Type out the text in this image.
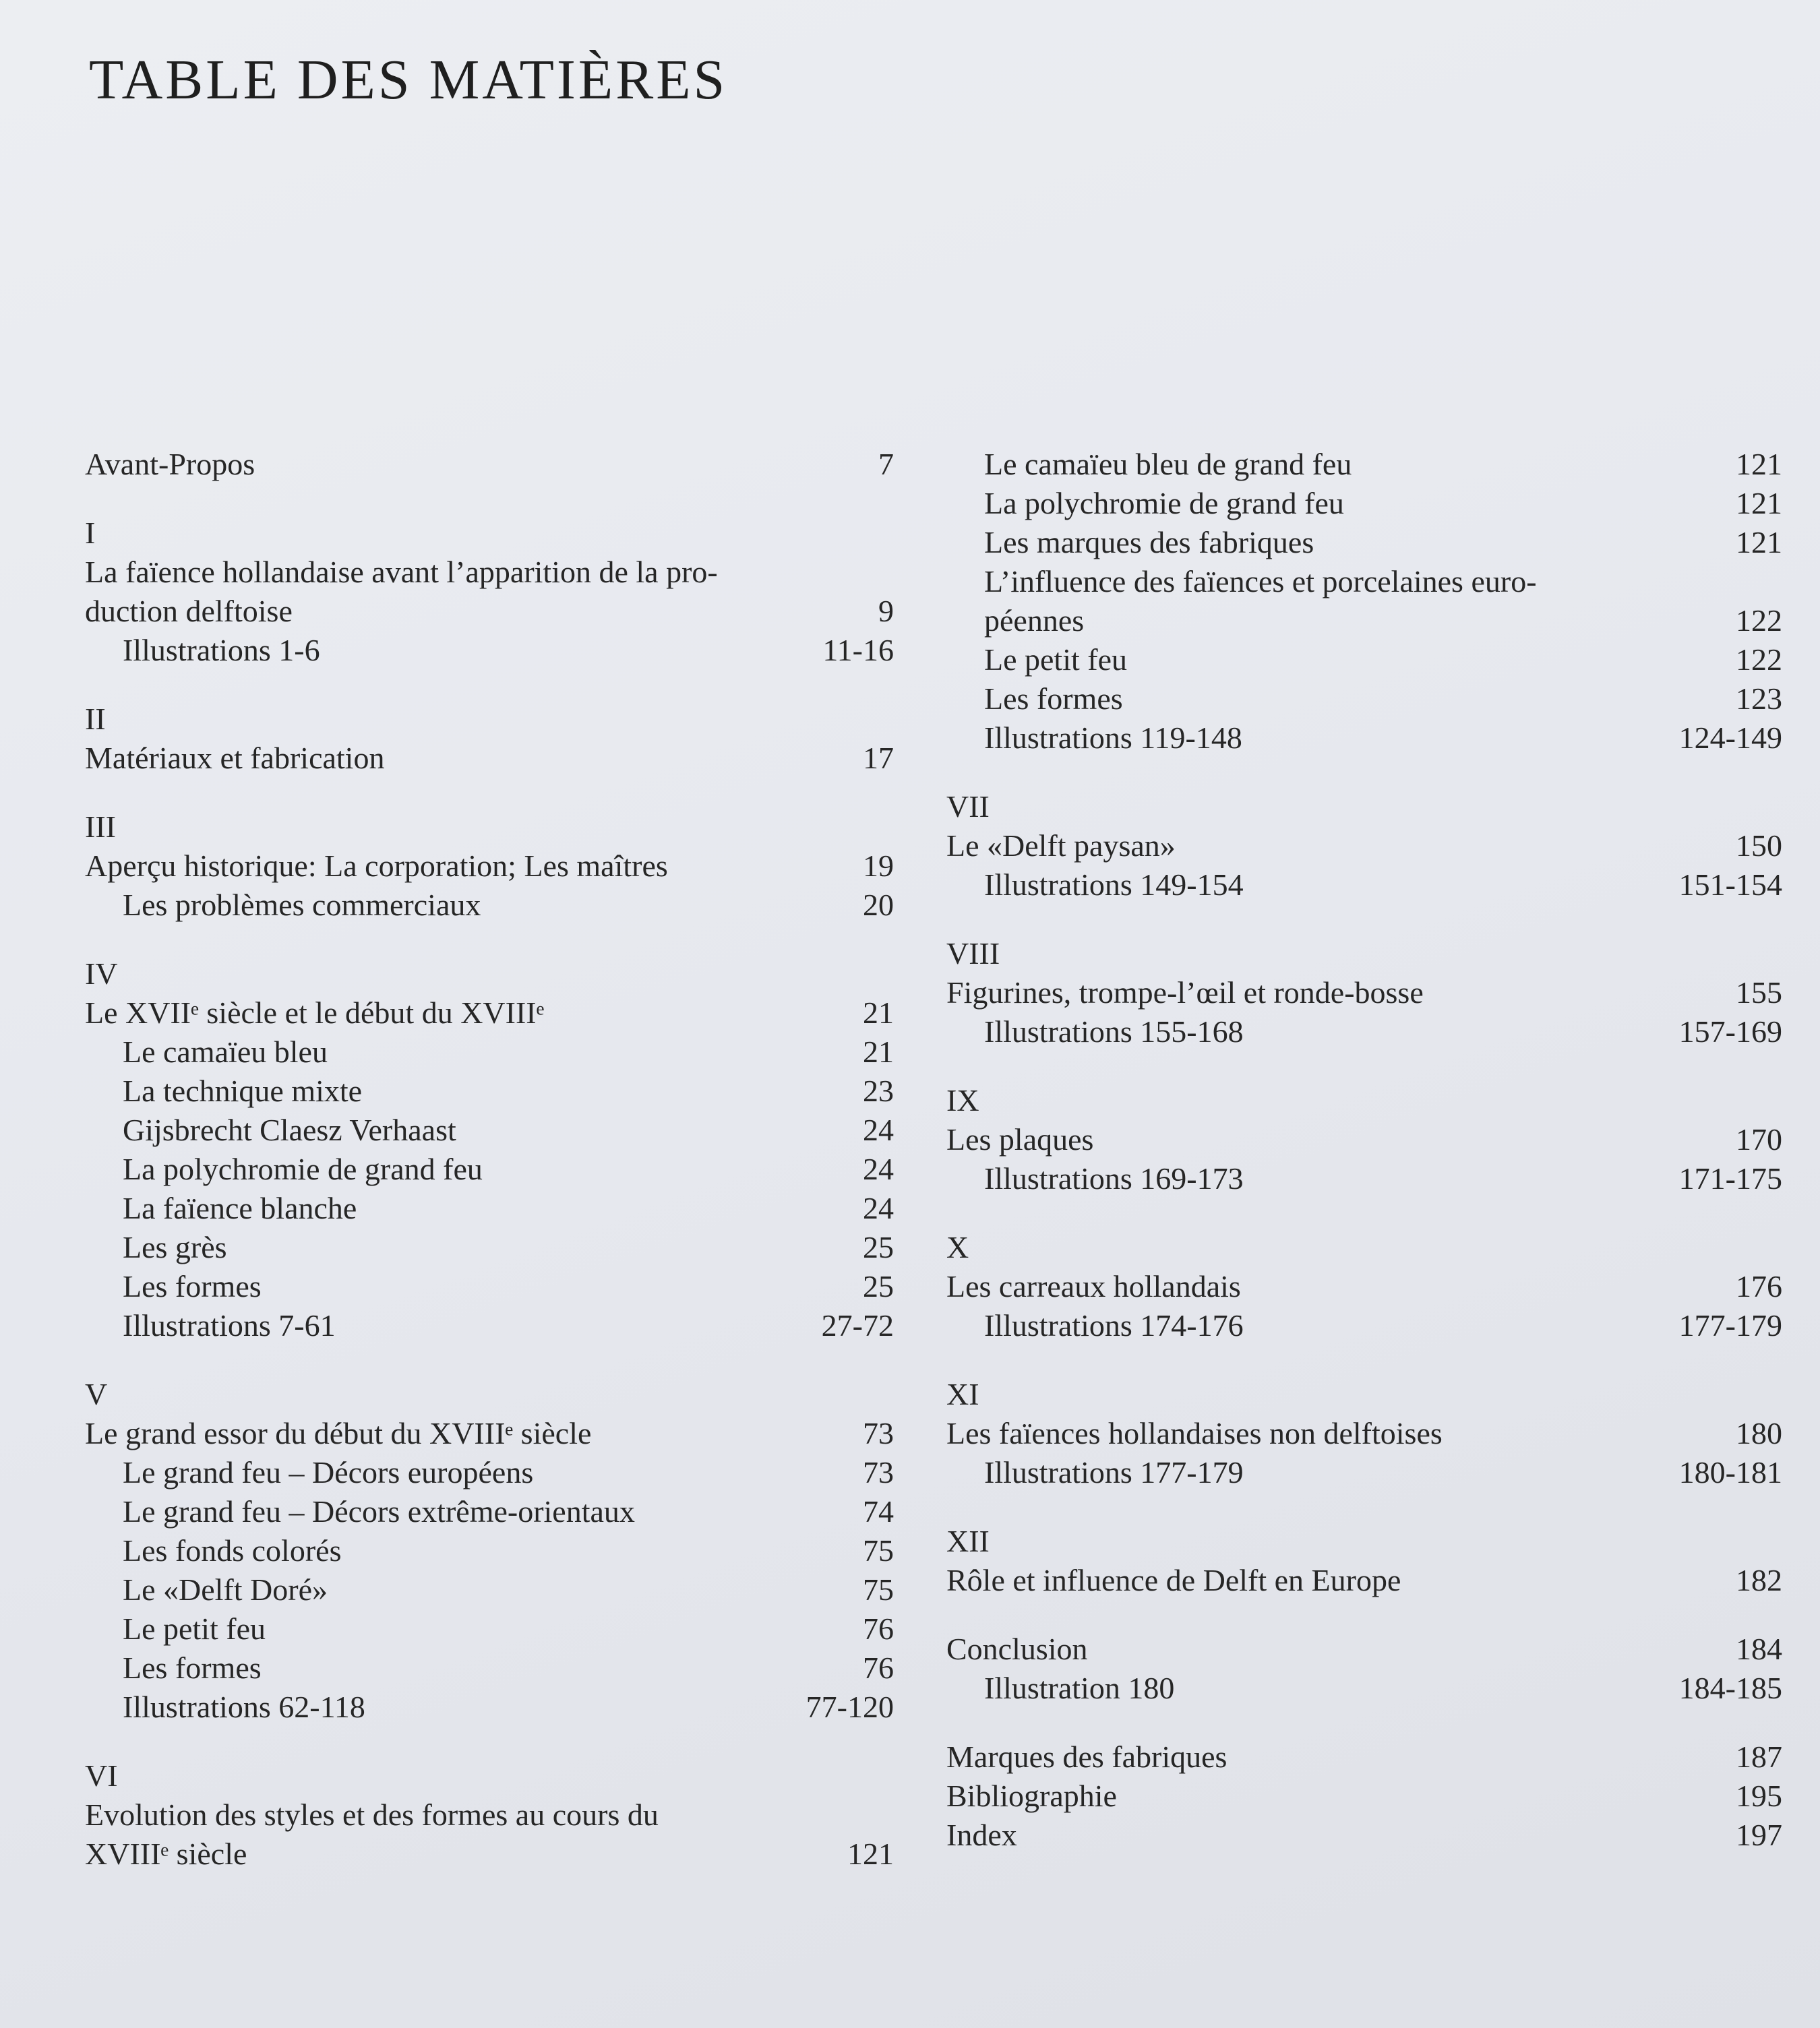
TABLE DES MATIÈRES
Avant-Propos	7
I
La faïence hollandaise avant l’apparition de la pro-
duction delftoise	9
Illustrations 1-6	11-16
II
Matériaux et fabrication	17
III
Aperçu historique: La corporation; Les maîtres	19
Les problèmes commerciaux	20
IV
Le XVIIᵉ siècle et le début du XVIIIᵉ	21
Le camaïeu bleu	21
La technique mixte	23
Gijsbrecht Claesz Verhaast	24
La polychromie de grand feu	24
La faïence blanche	24
Les grès	25
Les formes	25
Illustrations 7-61	27-72
V
Le grand essor du début du XVIIIᵉ siècle	73
Le grand feu – Décors européens	73
Le grand feu – Décors extrême-orientaux	74
Les fonds colorés	75
Le «Delft Doré»	75
Le petit feu	76
Les formes	76
Illustrations 62-118	77-120
VI
Evolution des styles et des formes au cours du
XVIIIᵉ siècle	121
Le camaïeu bleu de grand feu	121
La polychromie de grand feu	121
Les marques des fabriques	121
L’influence des faïences et porcelaines euro-
péennes	122
Le petit feu	122
Les formes	123
Illustrations 119-148	124-149
VII
Le «Delft paysan»	150
Illustrations 149-154	151-154
VIII
Figurines, trompe-l’œil et ronde-bosse	155
Illustrations 155-168	157-169
IX
Les plaques	170
Illustrations 169-173	171-175
X
Les carreaux hollandais	176
Illustrations 174-176	177-179
XI
Les faïences hollandaises non delftoises	180
Illustrations 177-179	180-181
XII
Rôle et influence de Delft en Europe	182
Conclusion	184
Illustration 180	184-185
Marques des fabriques	187
Bibliographie	195
Index	197
